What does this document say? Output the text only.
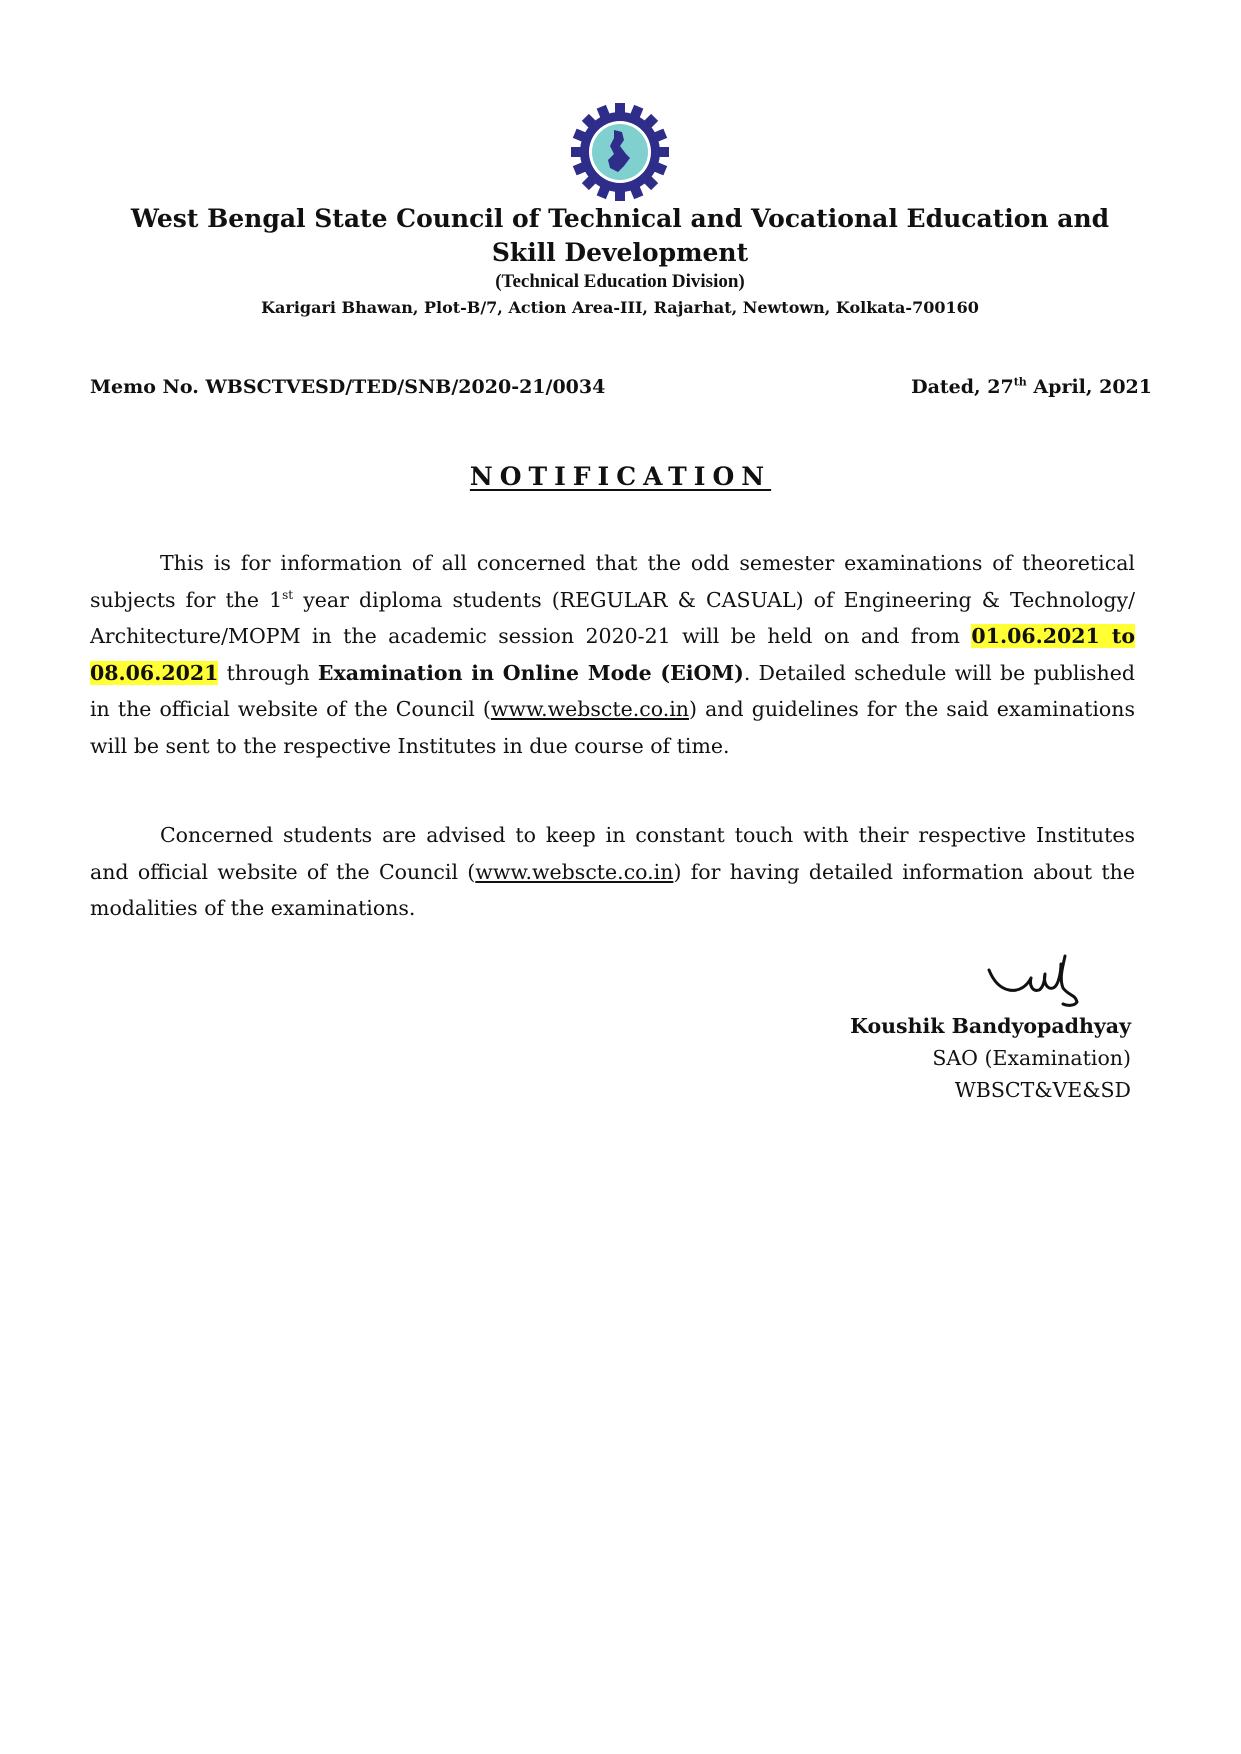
West Bengal State Council of Technical and Vocational Education and Skill Development
(Technical Education Division)
Karigari Bhawan, Plot-B/7, Action Area-III, Rajarhat, Newtown, Kolkata-700160
Memo No. WBSCTVESD/TED/SNB/2020-21/0034	Dated, 27th April, 2021
NOTIFICATION

This is for information of all concerned that the odd semester examinations of theoretical subjects for the 1st year diploma students (REGULAR & CASUAL) of Engineering & Technology/ Architecture/MOPM in the academic session 2020-21 will be held on and from 01.06.2021 to 08.06.2021 through Examination in Online Mode (EiOM). Detailed schedule will be published in the official website of the Council (www.webscte.co.in) and guidelines for the said examinations will be sent to the respective Institutes in due course of time.

Concerned students are advised to keep in constant touch with their respective Institutes and official website of the Council (www.webscte.co.in) for having detailed information about the modalities of the examinations.

Koushik Bandyopadhyay
SAO (Examination)
WBSCT&VE&SD
